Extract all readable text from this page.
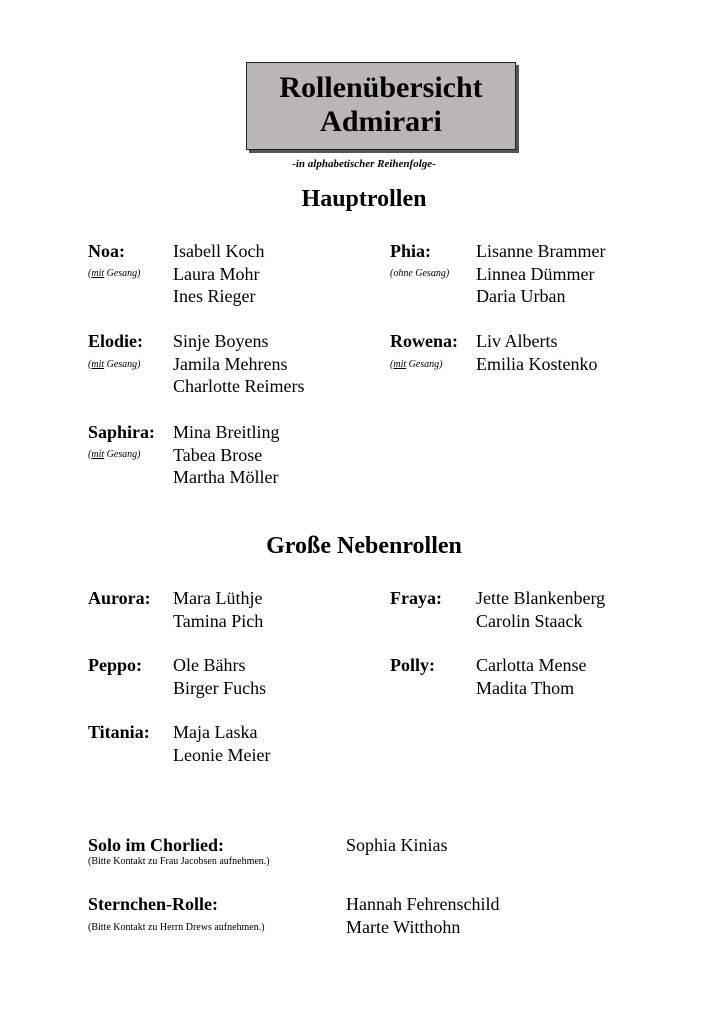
Rollenübersicht
Admirari
-in alphabetischer Reihenfolge-
Hauptrollen
Noa:
(mit Gesang)
Isabell Koch
Laura Mohr
Ines Rieger
Phia:
(ohne Gesang)
Lisanne Brammer
Linnea Dümmer
Daria Urban
Elodie:
(mit Gesang)
Sinje Boyens
Jamila Mehrens
Charlotte Reimers
Rowena:
(mit Gesang)
Liv Alberts
Emilia Kostenko
Saphira:
(mit Gesang)
Mina Breitling
Tabea Brose
Martha Möller
Große Nebenrollen
Aurora: Mara Lüthje
Tamina Pich
Fraya: Jette Blankenberg
Carolin Staack
Peppo: Ole Bährs
Birger Fuchs
Polly: Carlotta Mense
Madita Thom
Titania: Maja Laska
Leonie Meier
Solo im Chorlied:
(Bitte Kontakt zu Frau Jacobsen aufnehmen.)
Sophia Kinias
Sternchen-Rolle:
(Bitte Kontakt zu Herrn Drews aufnehmen.)
Hannah Fehrenschild
Marte Witthohn
